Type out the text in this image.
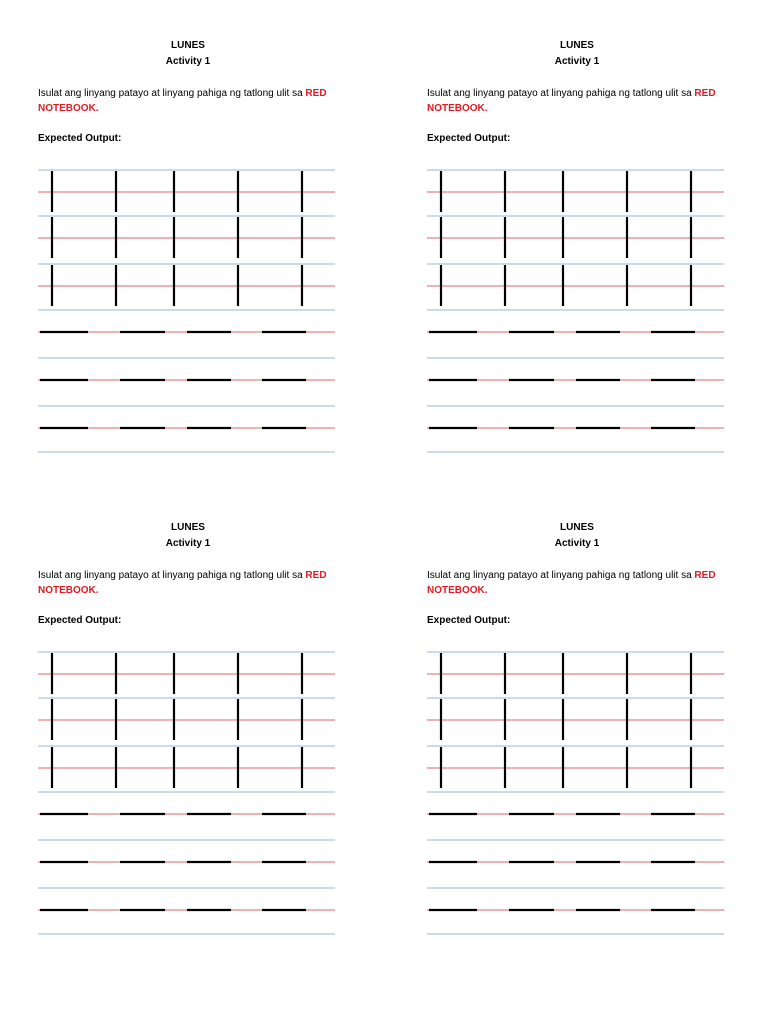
LUNES
Activity 1
Isulat ang linyang patayo at linyang pahiga ng tatlong ulit sa RED NOTEBOOK.
Expected Output:
LUNES
Activity 1
Isulat ang linyang patayo at linyang pahiga ng tatlong ulit sa RED NOTEBOOK.
Expected Output:
LUNES
Activity 1
Isulat ang linyang patayo at linyang pahiga ng tatlong ulit sa RED NOTEBOOK.
Expected Output:
LUNES
Activity 1
Isulat ang linyang patayo at linyang pahiga ng tatlong ulit sa RED NOTEBOOK.
Expected Output:
